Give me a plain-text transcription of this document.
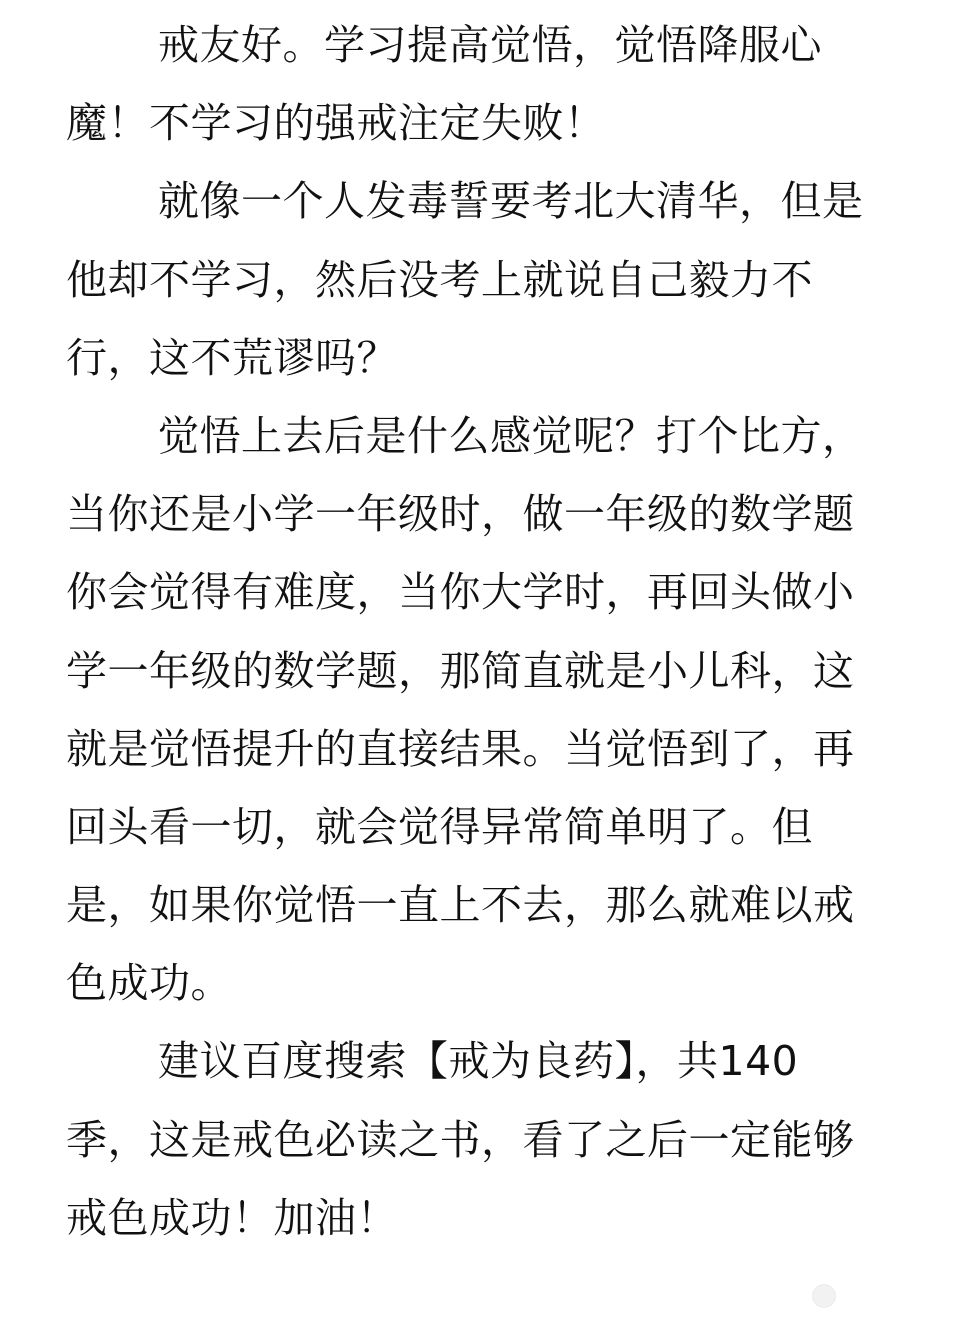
戒友好。学习提高觉悟，觉悟降服心
魔！不学习的强戒注定失败！
就像一个人发毒誓要考北大清华，但是
他却不学习，然后没考上就说自己毅力不
行，这不荒谬吗？
觉悟上去后是什么感觉呢？打个比方，
当你还是小学一年级时，做一年级的数学题
你会觉得有难度，当你大学时，再回头做小
学一年级的数学题，那简直就是小儿科，这
就是觉悟提升的直接结果。当觉悟到了，再
回头看一切，就会觉得异常简单明了。但
是，如果你觉悟一直上不去，那么就难以戒
色成功。
建议百度搜索【戒为良药】，共140
季，这是戒色必读之书，看了之后一定能够
戒色成功！加油！
